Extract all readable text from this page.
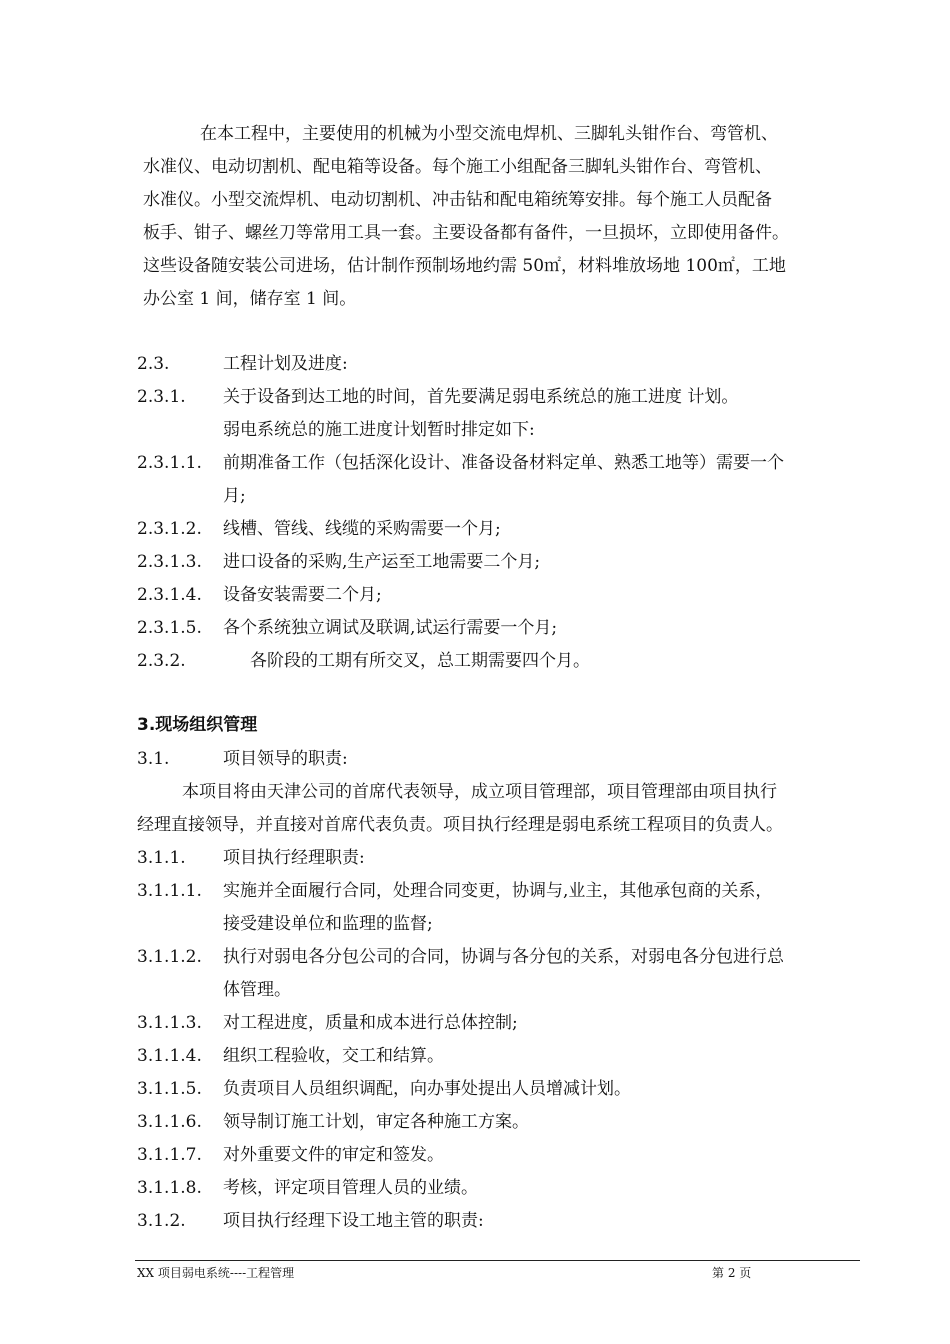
在本工程中，主要使用的机械为小型交流电焊机、三脚轧头钳作台、弯管机、
水准仪、电动切割机、配电箱等设备。每个施工小组配备三脚轧头钳作台、弯管机、
水准仪。小型交流焊机、电动切割机、冲击钻和配电箱统筹安排。每个施工人员配备
板手、钳子、螺丝刀等常用工具一套。主要设备都有备件，一旦损坏，立即使用备件。
这些设备随安装公司进场，估计制作预制场地约需 50㎡，材料堆放场地 100㎡，工地
办公室 1 间，储存室 1 间。
2.3.	工程计划及进度:
2.3.1. 关于设备到达工地的时间，首先要满足弱电系统总的施工进度 计划。
弱电系统总的施工进度计划暂时排定如下:
2.3.1.1. 前期准备工作（包括深化设计、准备设备材料定单、熟悉工地等）需要一个
月;
2.3.1.2. 线槽、管线、线缆的采购需要一个月;
2.3.1.3. 进口设备的采购,生产运至工地需要二个月;
2.3.1.4. 设备安装需要二个月;
2.3.1.5. 各个系统独立调试及联调,试运行需要一个月;
2.3.2.	各阶段的工期有所交叉，总工期需要四个月。
3.现场组织管理
3.1.	项目领导的职责:
本项目将由天津公司的首席代表领导，成立项目管理部，项目管理部由项目执行
经理直接领导，并直接对首席代表负责。项目执行经理是弱电系统工程项目的负责人。
3.1.1. 项目执行经理职责:
3.1.1.1. 实施并全面履行合同，处理合同变更，协调与,业主，其他承包商的关系，
接受建设单位和监理的监督;
3.1.1.2. 执行对弱电各分包公司的合同，协调与各分包的关系，对弱电各分包进行总
体管理。
3.1.1.3. 对工程进度，质量和成本进行总体控制;
3.1.1.4. 组织工程验收，交工和结算。
3.1.1.5. 负责项目人员组织调配，向办事处提出人员增减计划。
3.1.1.6. 领导制订施工计划，审定各种施工方案。
3.1.1.7. 对外重要文件的审定和签发。
3.1.1.8. 考核，评定项目管理人员的业绩。
3.1.2. 项目执行经理下设工地主管的职责:
XX 项目弱电系统----工程管理	第 2 页
